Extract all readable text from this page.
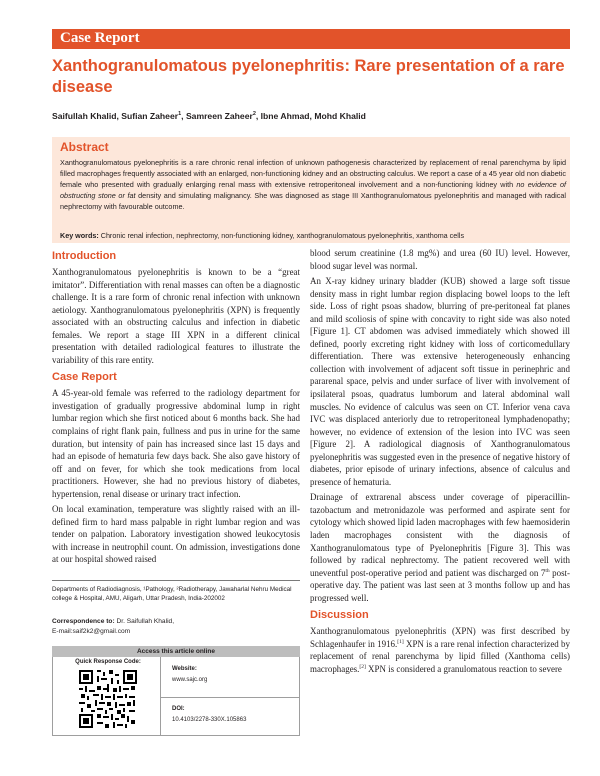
Case Report
Xanthogranulomatous pyelonephritis: Rare presentation of a rare disease
Saifullah Khalid, Sufian Zaheer$^1$, Samreen Zaheer$^2$, Ibne Ahmad, Mohd Khalid
Abstract
Xanthogranulomatous pyelonephritis is a rare chronic renal infection of unknown pathogenesis characterized by replacement of renal parenchyma by lipid filled macrophages frequently associated with an enlarged, non-functioning kidney and an obstructing calculus. We report a case of a 45 year old non diabetic female who presented with gradually enlarging renal mass with extensive retroperitoneal involvement and a non-functioning kidney with no evidence of obstructing stone or fat density and simulating malignancy. She was diagnosed as stage III Xanthogranulomatous pyelonephritis and managed with radical nephrectomy with favourable outcome.
Key words: Chronic renal infection, nephrectomy, non-functioning kidney, xanthogranulomatous pyelonephritis, xanthoma cells
Introduction

Xanthogranulomatous pyelonephritis is known to be a “great imitator”. Differentiation with renal masses can often be a diagnostic challenge. It is a rare form of chronic renal infection with unknown aetiology. Xanthogranulomatous pyelonephritis (XPN) is frequently associated with an obstructing calculus and infection in diabetic females. We report a stage III XPN in a different clinical presentation with detailed radiological features to illustrate the variability of this rare entity.

Case Report

A 45-year-old female was referred to the radiology department for investigation of gradually progressive abdominal lump in right lumbar region which she first noticed about 6 months back. She had complains of right flank pain, fullness and pus in urine for the same duration, but intensity of pain has increased since last 15 days and had an episode of hematuria few days back. She also gave history of off and on fever, for which she took medications from local practitioners. However, she had no previous history of diabetes, hypertension, renal disease or urinary tract infection.

On local examination, temperature was slightly raised with an ill-defined firm to hard mass palpable in right lumbar region and was tender on palpation. Laboratory investigation showed leukocytosis with increase in neutrophil count. On admission, investigations done at our hospital showed raised

Departments of Radiodiagnosis, ¹Pathology, ²Radiotherapy, Jawaharlal Nehru Medical college & Hospital, AMU, Aligarh, Uttar Pradesh, India-202002
Correspondence to: Dr. Saifullah Khalid,
E-mail:saif2k2@gmail.com
Access this article online
Quick Response Code:
Website:
www.sajc.org
DOI:
10.4103/2278-330X.105863

blood serum creatinine (1.8 mg%) and urea (60 IU) level. However, blood sugar level was normal.

An X-ray kidney urinary bladder (KUB) showed a large soft tissue density mass in right lumbar region displacing bowel loops to the left side. Loss of right psoas shadow, blurring of pre-peritoneal fat planes and mild scoliosis of spine with concavity to right side was also noted [Figure 1]. CT abdomen was advised immediately which showed ill defined, poorly excreting right kidney with loss of corticomedullary differentiation. There was extensive heterogeneously enhancing collection with involvement of adjacent soft tissue in perinephric and pararenal space, pelvis and under surface of liver with involvement of ipsilateral psoas, quadratus lumborum and lateral abdominal wall muscles. No evidence of calculus was seen on CT. Inferior vena cava IVC was displaced anteriorly due to retroperitoneal lymphadenopathy; however, no evidence of extension of the lesion into IVC was seen [Figure 2]. A radiological diagnosis of Xanthogranulomatous pyelonephritis was suggested even in the presence of negative history of diabetes, prior episode of urinary infections, absence of calculus and presence of hematuria.

Drainage of extrarenal abscess under coverage of piperacillin-tazobactum and metronidazole was performed and aspirate sent for cytology which showed lipid laden macrophages with few haemosiderin laden macrophages consistent with the diagnosis of Xanthogranulomatous type of Pyelonephritis [Figure 3]. This was followed by radical nephrectomy. The patient recovered well with uneventful post-operative period and patient was discharged on 7th post-operative day. The patient was last seen at 3 months follow up and has progressed well.

Discussion

Xanthogranulomatous pyelonephritis (XPN) was first described by Schlagenhaufer in 1916.[1] XPN is a rare renal infection characterized by replacement of renal parenchyma by lipid filled (Xanthoma cells) macrophages.[2] XPN is considered a granulomatous reaction to severe
